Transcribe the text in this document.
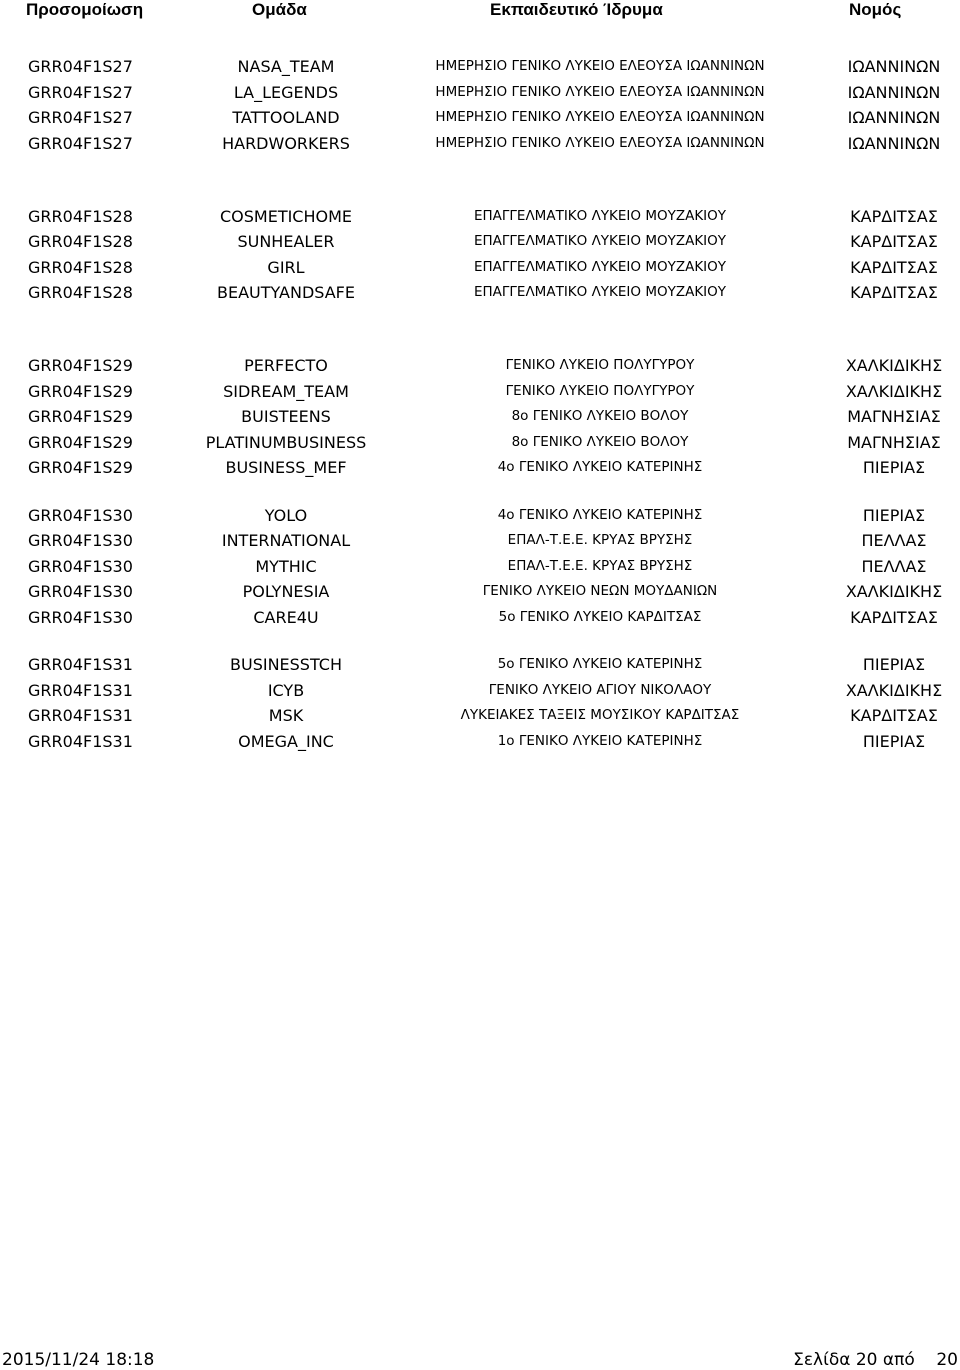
Προσομοίωση	Ομάδα	Εκπαιδευτικό Ίδρυμα	Νομός
GRR04F1S27	NASA_TEAM	ΗΜΕΡΗΣΙΟ ΓΕΝΙΚΟ ΛΥΚΕΙΟ ΕΛΕΟΥΣΑ ΙΩΑΝΝΙΝΩΝ	ΙΩΑΝΝΙΝΩΝ
GRR04F1S27	LA_LEGENDS	ΗΜΕΡΗΣΙΟ ΓΕΝΙΚΟ ΛΥΚΕΙΟ ΕΛΕΟΥΣΑ ΙΩΑΝΝΙΝΩΝ	ΙΩΑΝΝΙΝΩΝ
GRR04F1S27	TATTOOLAND	ΗΜΕΡΗΣΙΟ ΓΕΝΙΚΟ ΛΥΚΕΙΟ ΕΛΕΟΥΣΑ ΙΩΑΝΝΙΝΩΝ	ΙΩΑΝΝΙΝΩΝ
GRR04F1S27	HARDWORKERS	ΗΜΕΡΗΣΙΟ ΓΕΝΙΚΟ ΛΥΚΕΙΟ ΕΛΕΟΥΣΑ ΙΩΑΝΝΙΝΩΝ	ΙΩΑΝΝΙΝΩΝ
GRR04F1S28	COSMETICHOME	ΕΠΑΓΓΕΛΜΑΤΙΚΟ ΛΥΚΕΙΟ ΜΟΥΖΑΚΙΟΥ	ΚΑΡΔΙΤΣΑΣ
GRR04F1S28	SUNHEALER	ΕΠΑΓΓΕΛΜΑΤΙΚΟ ΛΥΚΕΙΟ ΜΟΥΖΑΚΙΟΥ	ΚΑΡΔΙΤΣΑΣ
GRR04F1S28	GIRL	ΕΠΑΓΓΕΛΜΑΤΙΚΟ ΛΥΚΕΙΟ ΜΟΥΖΑΚΙΟΥ	ΚΑΡΔΙΤΣΑΣ
GRR04F1S28	BEAUTYANDSAFE	ΕΠΑΓΓΕΛΜΑΤΙΚΟ ΛΥΚΕΙΟ ΜΟΥΖΑΚΙΟΥ	ΚΑΡΔΙΤΣΑΣ
GRR04F1S29	PERFECTO	ΓΕΝΙΚΟ ΛΥΚΕΙΟ ΠΟΛΥΓΥΡΟΥ	ΧΑΛΚΙΔΙΚΗΣ
GRR04F1S29	SIDREAM_TEAM	ΓΕΝΙΚΟ ΛΥΚΕΙΟ ΠΟΛΥΓΥΡΟΥ	ΧΑΛΚΙΔΙΚΗΣ
GRR04F1S29	BUISTEENS	8ο ΓΕΝΙΚΟ ΛΥΚΕΙΟ ΒΟΛΟΥ	ΜΑΓΝΗΣΙΑΣ
GRR04F1S29	PLATINUMBUSINESS	8ο ΓΕΝΙΚΟ ΛΥΚΕΙΟ ΒΟΛΟΥ	ΜΑΓΝΗΣΙΑΣ
GRR04F1S29	BUSINESS_MEF	4ο ΓΕΝΙΚΟ ΛΥΚΕΙΟ ΚΑΤΕΡΙΝΗΣ	ΠΙΕΡΙΑΣ
GRR04F1S30	YOLO	4ο ΓΕΝΙΚΟ ΛΥΚΕΙΟ ΚΑΤΕΡΙΝΗΣ	ΠΙΕΡΙΑΣ
GRR04F1S30	INTERNATIONAL	ΕΠΑΛ-Τ.Ε.Ε. ΚΡΥΑΣ ΒΡΥΣΗΣ	ΠΕΛΛΑΣ
GRR04F1S30	MYTHIC	ΕΠΑΛ-Τ.Ε.Ε. ΚΡΥΑΣ ΒΡΥΣΗΣ	ΠΕΛΛΑΣ
GRR04F1S30	POLYNESIA	ΓΕΝΙΚΟ ΛΥΚΕΙΟ ΝΕΩΝ ΜΟΥΔΑΝΙΩΝ	ΧΑΛΚΙΔΙΚΗΣ
GRR04F1S30	CARE4U	5ο ΓΕΝΙΚΟ ΛΥΚΕΙΟ ΚΑΡΔΙΤΣΑΣ	ΚΑΡΔΙΤΣΑΣ
GRR04F1S31	BUSINESSTCH	5ο ΓΕΝΙΚΟ ΛΥΚΕΙΟ ΚΑΤΕΡΙΝΗΣ	ΠΙΕΡΙΑΣ
GRR04F1S31	ICYB	ΓΕΝΙΚΟ ΛΥΚΕΙΟ ΑΓΙΟΥ ΝΙΚΟΛΑΟΥ	ΧΑΛΚΙΔΙΚΗΣ
GRR04F1S31	MSK	ΛΥΚΕΙΑΚΕΣ ΤΑΞΕΙΣ ΜΟΥΣΙΚΟΥ ΚΑΡΔΙΤΣΑΣ	ΚΑΡΔΙΤΣΑΣ
GRR04F1S31	OMEGA_INC	1ο ΓΕΝΙΚΟ ΛΥΚΕΙΟ ΚΑΤΕΡΙΝΗΣ	ΠΙΕΡΙΑΣ
2015/11/24 18:18	Σελίδα 20 από 20
